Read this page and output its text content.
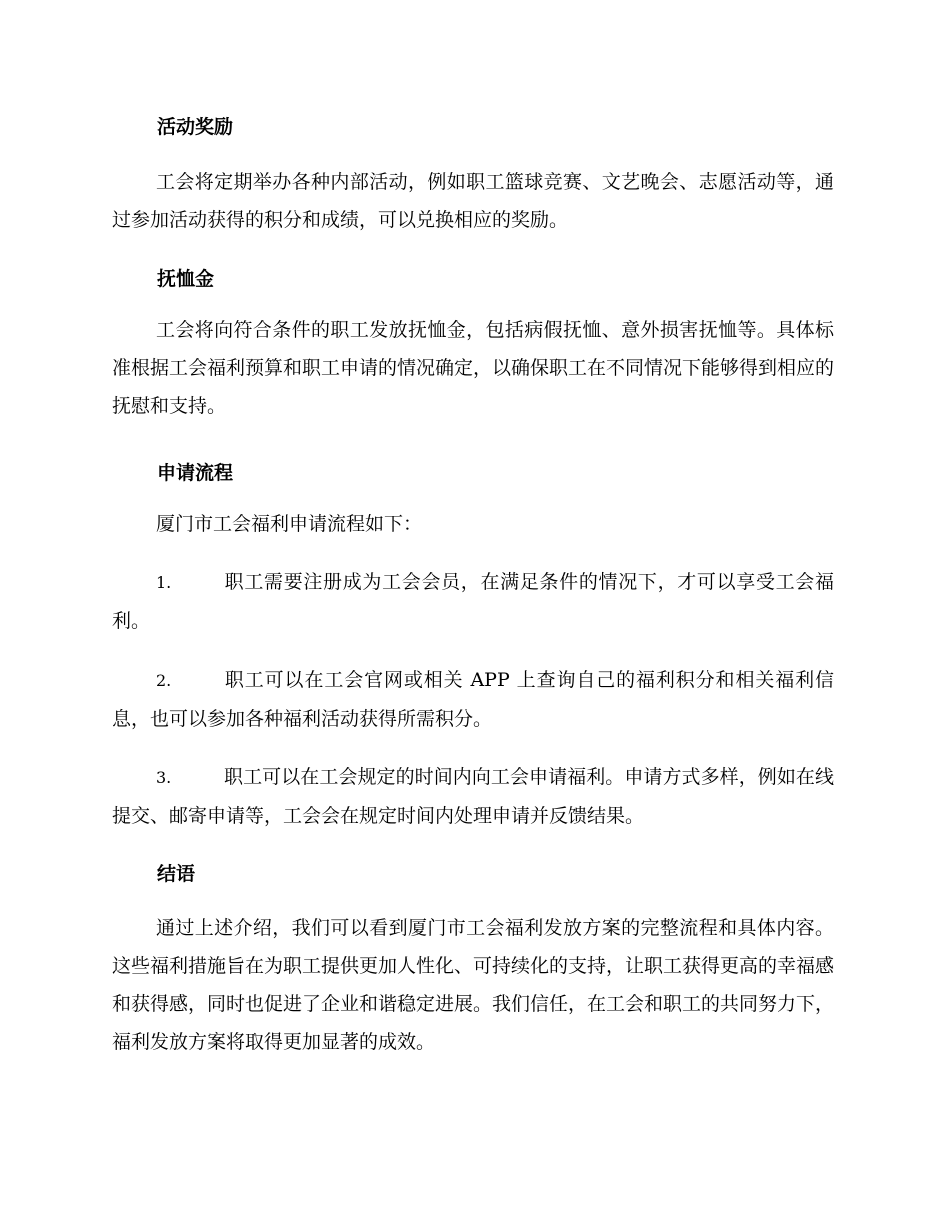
活动奖励
工会将定期举办各种内部活动，例如职工篮球竞赛、文艺晚会、志愿活动等，通过参加活动获得的积分和成绩，可以兑换相应的奖励。
抚恤金
工会将向符合条件的职工发放抚恤金，包括病假抚恤、意外损害抚恤等。具体标准根据工会福利预算和职工申请的情况确定，以确保职工在不同情况下能够得到相应的抚慰和支持。
申请流程
厦门市工会福利申请流程如下：
1.	职工需要注册成为工会会员，在满足条件的情况下，才可以享受工会福利。
2.	职工可以在工会官网或相关 APP 上查询自己的福利积分和相关福利信息，也可以参加各种福利活动获得所需积分。
3.	职工可以在工会规定的时间内向工会申请福利。申请方式多样，例如在线提交、邮寄申请等，工会会在规定时间内处理申请并反馈结果。
结语
通过上述介绍，我们可以看到厦门市工会福利发放方案的完整流程和具体内容。这些福利措施旨在为职工提供更加人性化、可持续化的支持，让职工获得更高的幸福感和获得感，同时也促进了企业和谐稳定进展。我们信任，在工会和职工的共同努力下，福利发放方案将取得更加显著的成效。
